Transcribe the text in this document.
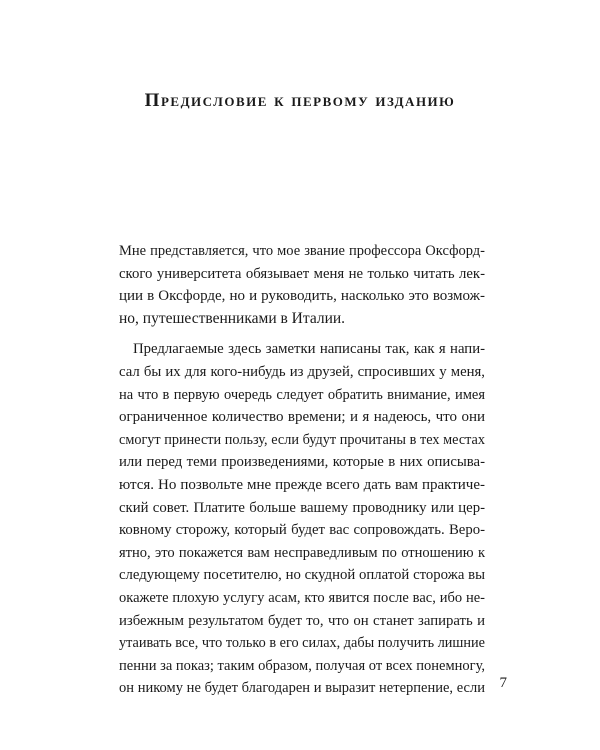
Предисловие к первому изданию
Мне представляется, что мое звание профессора Оксфорд-
ского университета обязывает меня не только читать лек-
ции в Оксфорде, но и руководить, насколько это возмож-
но, путешественниками в Италии.
Предлагаемые здесь заметки написаны так, как я напи-
сал бы их для кого-нибудь из друзей, спросивших у меня,
на что в первую очередь следует обратить внимание, имея
ограниченное количество времени; и я надеюсь, что они
смогут принести пользу, если будут прочитаны в тех местах
или перед теми произведениями, которые в них описыва-
ются. Но позвольте мне прежде всего дать вам практиче-
ский совет. Платите больше вашему проводнику или цер-
ковному сторожу, который будет вас сопровождать. Веро-
ятно, это покажется вам несправедливым по отношению к
следующему посетителю, но скудной оплатой сторожа вы
окажете плохую услугу асам, кто явится после вас, ибо не-
избежным результатом будет то, что он станет запирать и
утаивать все, что только в его силах, дабы получить лишние
пенни за показ; таким образом, получая от всех понемногу,
он никому не будет благодарен и выразит нетерпение, если 7
